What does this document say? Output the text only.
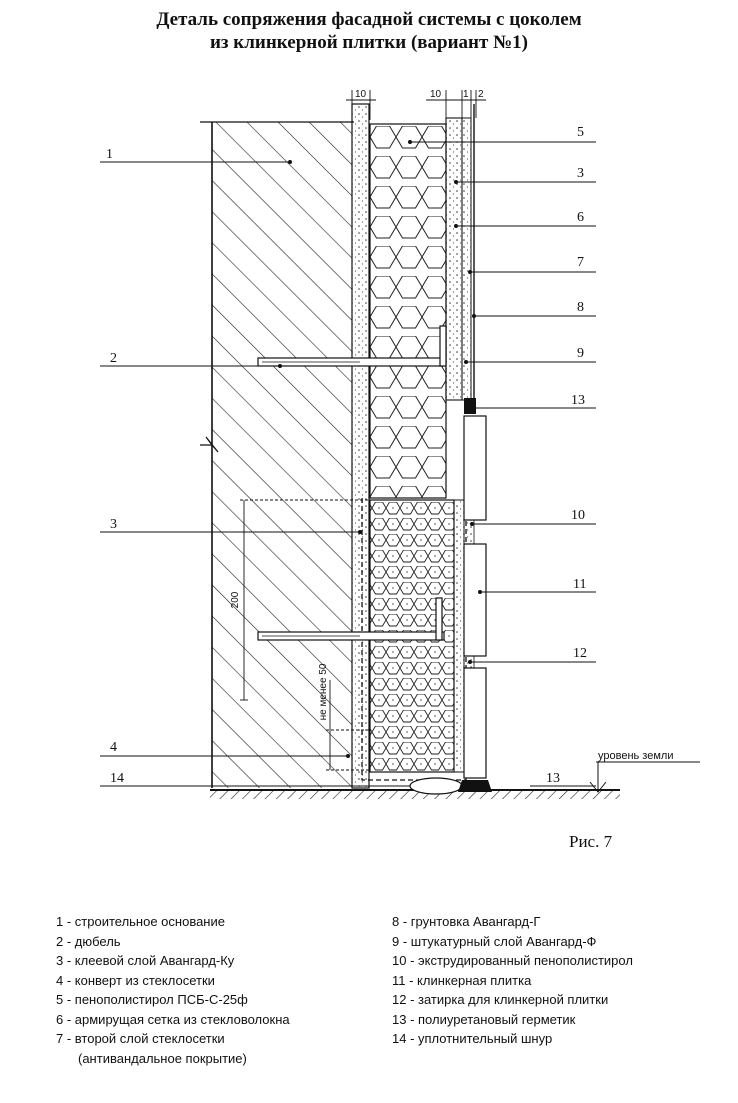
Деталь сопряжения фасадной системы с цоколем
из клинкерной плитки (вариант №1)
10	10 1 2
200
не менее 50
1
2
3
4
14
5
3
6
7
8
9
13
10
11
12
уровень земли
13
Рис. 7
1 - строительное основание
2 - дюбель
3 - клеевой слой Авангард-Ку
4 - конверт из стеклосетки
5 - пенополистирол ПСБ-С-25ф
6 - армирущая сетка из стекловолокна
7 - второй слой стеклосетки
(антивандальное покрытие)
8 - грунтовка Авангард-Г
9 - штукатурный слой Авангард-Ф
10 - экструдированный пенополистирол
11 - клинкерная плитка
12 - затирка для клинкерной плитки
13 - полиуретановый герметик
14 - уплотнительный шнур
